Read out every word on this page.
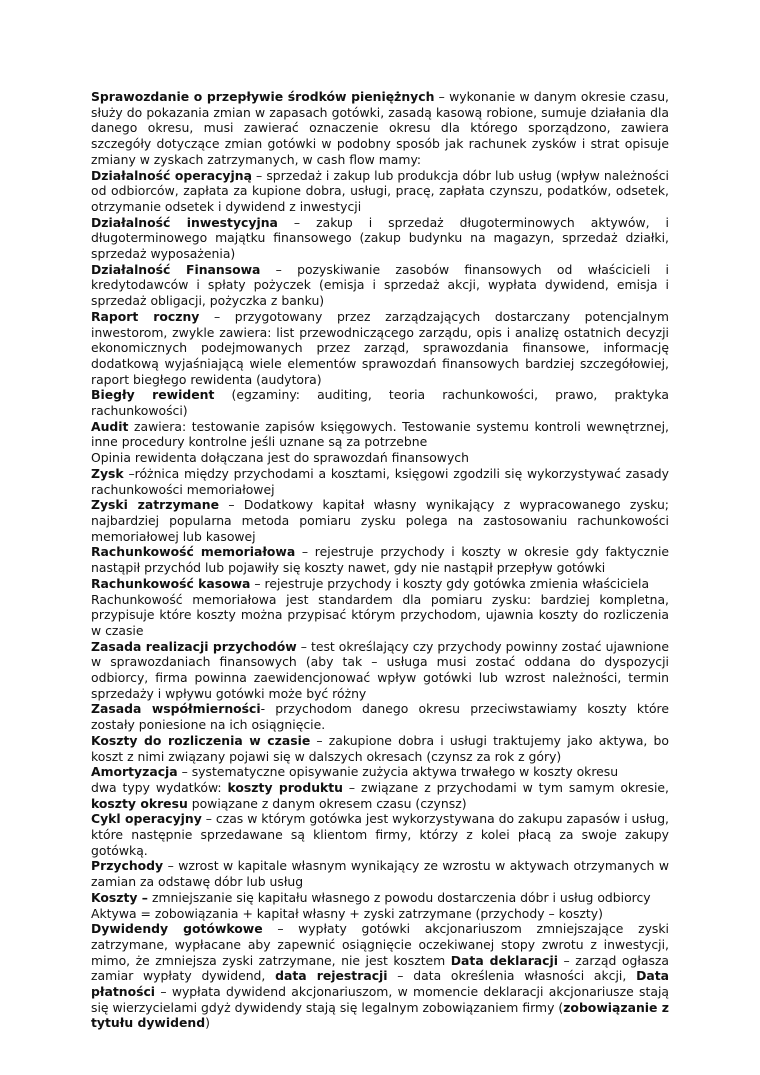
Sprawozdanie o przepływie środków pieniężnych – wykonanie w danym okresie czasu, służy do pokazania zmian w zapasach gotówki, zasadą kasową robione, sumuje działania dla danego okresu, musi zawierać oznaczenie okresu dla którego sporządzono, zawiera szczegóły dotyczące zmian gotówki w podobny sposób jak rachunek zysków i strat opisuje zmiany w zyskach zatrzymanych, w cash flow mamy:

Działalność operacyjną – sprzedaż i zakup lub produkcja dóbr lub usług (wpływ należności od odbiorców, zapłata za kupione dobra, usługi, pracę, zapłata czynszu, podatków, odsetek, otrzymanie odsetek i dywidend z inwestycji

Działalność inwestycyjna – zakup i sprzedaż długoterminowych aktywów, i długoterminowego majątku finansowego (zakup budynku na magazyn, sprzedaż działki, sprzedaż wyposażenia)

Działalność Finansowa – pozyskiwanie zasobów finansowych od właścicieli i kredytodawców i spłaty pożyczek (emisja i sprzedaż akcji, wypłata dywidend, emisja i sprzedaż obligacji, pożyczka z banku)

Raport roczny – przygotowany przez zarządzających dostarczany potencjalnym inwestorom, zwykle zawiera: list przewodniczącego zarządu, opis i analizę ostatnich decyzji ekonomicznych podejmowanych przez zarząd, sprawozdania finansowe, informację dodatkową wyjaśniającą wiele elementów sprawozdań finansowych bardziej szczegółowiej, raport biegłego rewidenta (audytora)

Biegły rewident (egzaminy: auditing, teoria rachunkowości, prawo, praktyka rachunkowości)

Audit zawiera: testowanie zapisów księgowych. Testowanie systemu kontroli wewnętrznej, inne procedury kontrolne jeśli uznane są za potrzebne

Opinia rewidenta dołączana jest do sprawozdań finansowych

Zysk –różnica między przychodami a kosztami, księgowi zgodzili się wykorzystywać zasady rachunkowości memoriałowej

Zyski zatrzymane – Dodatkowy kapitał własny wynikający z wypracowanego zysku; najbardziej popularna metoda pomiaru zysku polega na zastosowaniu rachunkowości memoriałowej lub kasowej

Rachunkowość memoriałowa – rejestruje przychody i koszty w okresie gdy faktycznie nastąpił przychód lub pojawiły się koszty nawet, gdy nie nastąpił przepływ gotówki

Rachunkowość kasowa – rejestruje przychody i koszty gdy gotówka zmienia właściciela

Rachunkowość memoriałowa jest standardem dla pomiaru zysku: bardziej kompletna, przypisuje które koszty można przypisać którym przychodom, ujawnia koszty do rozliczenia w czasie

Zasada realizacji przychodów – test określający czy przychody powinny zostać ujawnione w sprawozdaniach finansowych (aby tak – usługa musi zostać oddana do dyspozycji odbiorcy, firma powinna zaewidencjonować wpływ gotówki lub wzrost należności, termin sprzedaży i wpływu gotówki może być różny

Zasada współmierności- przychodom danego okresu przeciwstawiamy koszty które zostały poniesione na ich osiągnięcie.

Koszty do rozliczenia w czasie – zakupione dobra i usługi traktujemy jako aktywa, bo koszt z nimi związany pojawi się w dalszych okresach (czynsz za rok z góry)

Amortyzacja – systematyczne opisywanie zużycia aktywa trwałego w koszty okresu

dwa typy wydatków: koszty produktu – związane z przychodami w tym samym okresie, koszty okresu powiązane z danym okresem czasu (czynsz)

Cykl operacyjny – czas w którym gotówka jest wykorzystywana do zakupu zapasów i usług, które następnie sprzedawane są klientom firmy, którzy z kolei płacą za swoje zakupy gotówką.

Przychody – wzrost w kapitale własnym wynikający ze wzrostu w aktywach otrzymanych w zamian za odstawę dóbr lub usług

Koszty – zmniejszanie się kapitału własnego z powodu dostarczenia dóbr i usług odbiorcy

Aktywa = zobowiązania + kapitał własny + zyski zatrzymane (przychody – koszty)

Dywidendy gotówkowe – wypłaty gotówki akcjonariuszom zmniejszające zyski zatrzymane, wypłacane aby zapewnić osiągnięcie oczekiwanej stopy zwrotu z inwestycji, mimo, że zmniejsza zyski zatrzymane, nie jest kosztem Data deklaracji – zarząd ogłasza zamiar wypłaty dywidend, data rejestracji – data określenia własności akcji, Data płatności – wypłata dywidend akcjonariuszom, w momencie deklaracji akcjonariusze stają się wierzycielami gdyż dywidendy stają się legalnym zobowiązaniem firmy (zobowiązanie z tytułu dywidend)
